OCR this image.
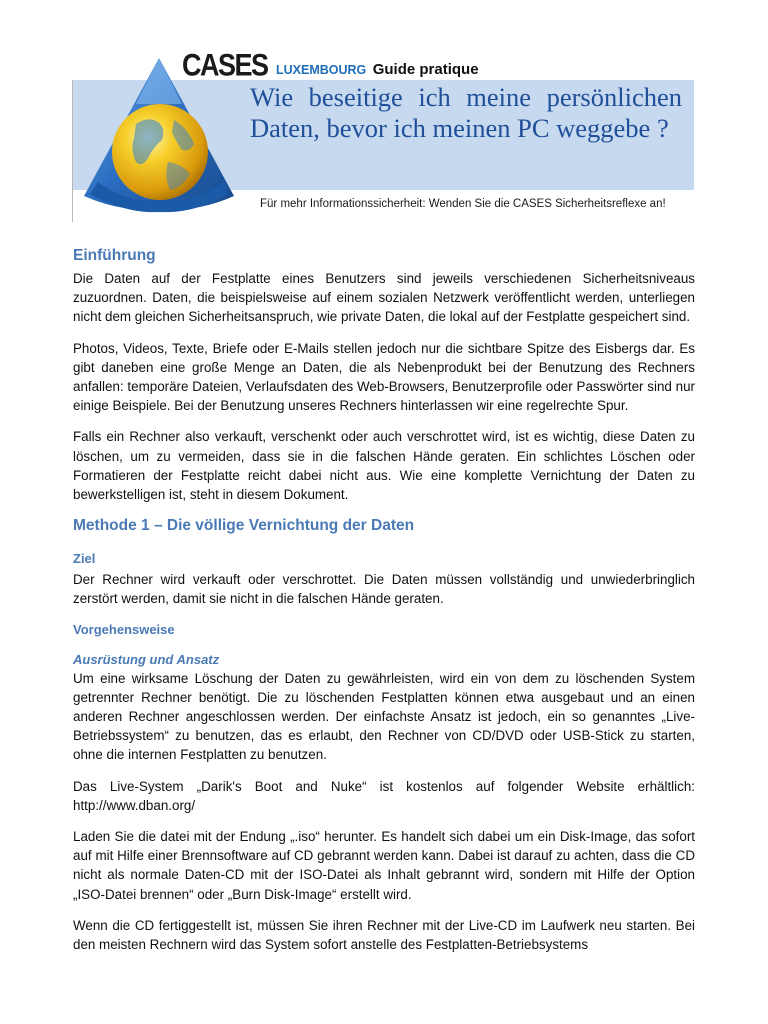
CASES LUXEMBOURG Guide pratique
Wie beseitige ich meine persönlichen Daten, bevor ich meinen PC weggebe ?
Für mehr Informationssicherheit: Wenden Sie die CASES Sicherheitsreflexe an!
Einführung

Die Daten auf der Festplatte eines Benutzers sind jeweils verschiedenen Sicherheitsniveaus zuzuordnen. Daten, die beispielsweise auf einem sozialen Netzwerk veröffentlicht werden, unterliegen nicht dem gleichen Sicherheitsanspruch, wie private Daten, die lokal auf der Festplatte gespeichert sind.

Photos, Videos, Texte, Briefe oder E-Mails stellen jedoch nur die sichtbare Spitze des Eisbergs dar. Es gibt daneben eine große Menge an Daten, die als Nebenprodukt bei der Benutzung des Rechners anfallen: temporäre Dateien, Verlaufsdaten des Web-Browsers, Benutzerprofile oder Passwörter sind nur einige Beispiele. Bei der Benutzung unseres Rechners hinterlassen wir eine regelrechte Spur.

Falls ein Rechner also verkauft, verschenkt oder auch verschrottet wird, ist es wichtig, diese Daten zu löschen, um zu vermeiden, dass sie in die falschen Hände geraten. Ein schlichtes Löschen oder Formatieren der Festplatte reicht dabei nicht aus. Wie eine komplette Vernichtung der Daten zu bewerkstelligen ist, steht in diesem Dokument.

Methode 1 – Die völlige Vernichtung der Daten
Ziel

Der Rechner wird verkauft oder verschrottet. Die Daten müssen vollständig und unwiederbringlich zerstört werden, damit sie nicht in die falschen Hände geraten.

Vorgehensweise
Ausrüstung und Ansatz

Um eine wirksame Löschung der Daten zu gewährleisten, wird ein von dem zu löschenden System getrennter Rechner benötigt. Die zu löschenden Festplatten können etwa ausgebaut und an einen anderen Rechner angeschlossen werden. Der einfachste Ansatz ist jedoch, ein so genanntes „Live-Betriebssystem“ zu benutzen, das es erlaubt, den Rechner von CD/DVD oder USB-Stick zu starten, ohne die internen Festplatten zu benutzen.

Das Live-System „Darik's Boot and Nuke“ ist kostenlos auf folgender Website erhältlich: http://www.dban.org/

Laden Sie die datei mit der Endung „.iso“ herunter. Es handelt sich dabei um ein Disk-Image, das sofort auf mit Hilfe einer Brennsoftware auf CD gebrannt werden kann. Dabei ist darauf zu achten, dass die CD nicht als normale Daten-CD mit der ISO-Datei als Inhalt gebrannt wird, sondern mit Hilfe der Option „ISO-Datei brennen“ oder „Burn Disk-Image“ erstellt wird.

Wenn die CD fertiggestellt ist, müssen Sie ihren Rechner mit der Live-CD im Laufwerk neu starten. Bei den meisten Rechnern wird das System sofort anstelle des Festplatten-Betriebsystems
